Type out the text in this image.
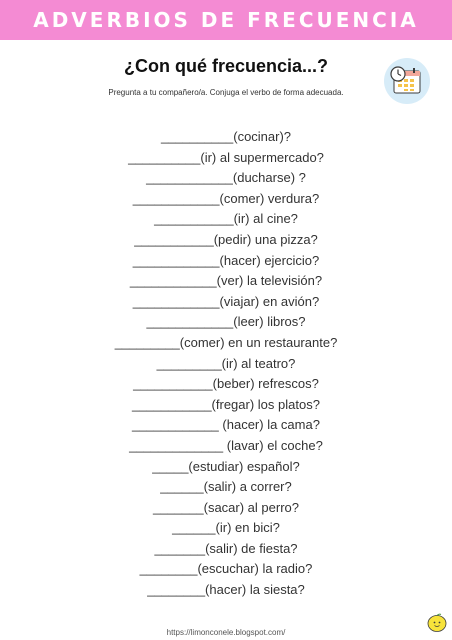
ADVERBIOS DE FRECUENCIA
¿Con qué frecuencia...?
Pregunta a tu compañero/a. Conjuga el verbo de forma adecuada.
__________(cocinar)?
__________(ir) al supermercado?
____________(ducharse) ?
____________(comer) verdura?
___________(ir) al cine?
___________(pedir) una pizza?
____________(hacer) ejercicio?
____________(ver) la televisión?
____________(viajar) en avión?
____________(leer) libros?
_________(comer) en un restaurante?
_________(ir) al teatro?
___________(beber) refrescos?
___________(fregar) los platos?
____________ (hacer) la cama?
_____________ (lavar) el coche?
_____(estudiar) español?
______(salir) a correr?
_______(sacar) al perro?
______(ir) en bici?
_______(salir) de fiesta?
________(escuchar) la radio?
________(hacer) la siesta?
https://limonconele.blogspot.com/
